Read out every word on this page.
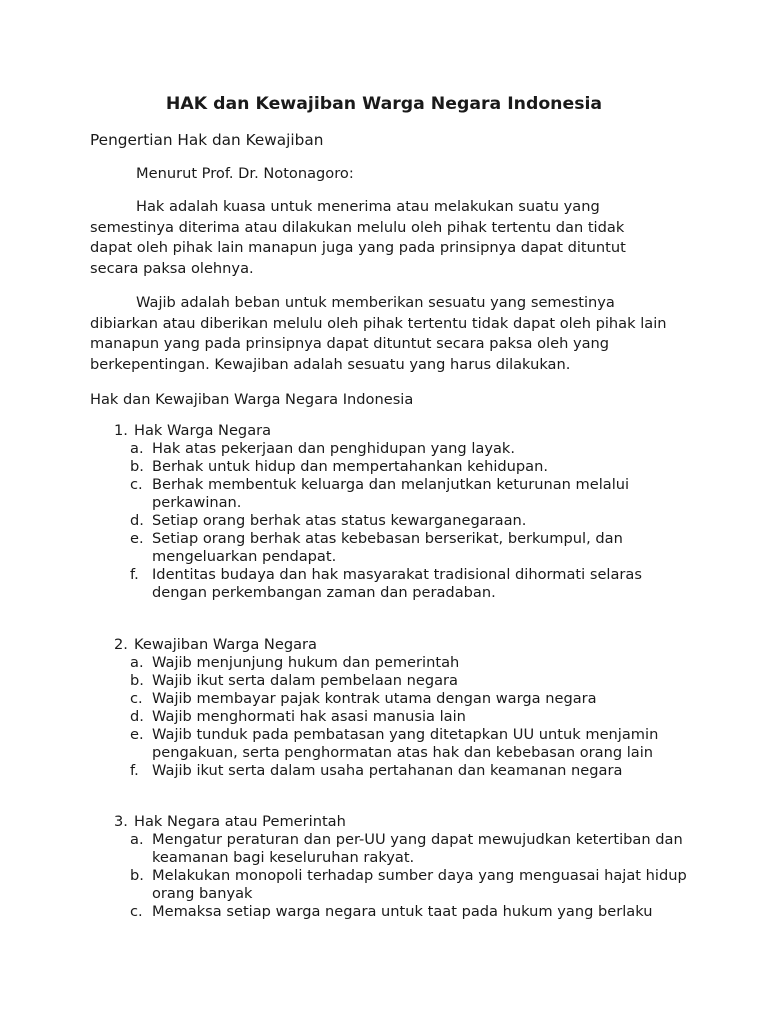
HAK dan Kewajiban Warga Negara Indonesia
Pengertian Hak dan Kewajiban

Menurut Prof. Dr. Notonagoro:

Hak adalah kuasa untuk menerima atau melakukan suatu yang semestinya diterima atau dilakukan melulu oleh pihak tertentu dan tidak dapat oleh pihak lain manapun juga yang pada prinsipnya dapat dituntut secara paksa olehnya.

Wajib adalah beban untuk memberikan sesuatu yang semestinya dibiarkan atau diberikan melulu oleh pihak tertentu tidak dapat oleh pihak lain manapun yang pada prinsipnya dapat dituntut secara paksa oleh yang berkepentingan. Kewajiban adalah sesuatu yang harus dilakukan.

Hak dan Kewajiban Warga Negara Indonesia
1. Hak Warga Negara
a. Hak atas pekerjaan dan penghidupan yang layak.
b. Berhak untuk hidup dan mempertahankan kehidupan.
c. Berhak membentuk keluarga dan melanjutkan keturunan melalui perkawinan.
d. Setiap orang berhak atas status kewarganegaraan.
e. Setiap orang berhak atas kebebasan berserikat, berkumpul, dan mengeluarkan pendapat.
f. Identitas budaya dan hak masyarakat tradisional dihormati selaras dengan perkembangan zaman dan peradaban.
2. Kewajiban Warga Negara
a. Wajib menjunjung hukum dan pemerintah
b. Wajib ikut serta dalam pembelaan negara
c. Wajib membayar pajak kontrak utama dengan warga negara
d. Wajib menghormati hak asasi manusia lain
e. Wajib tunduk pada pembatasan yang ditetapkan UU untuk menjamin pengakuan, serta penghormatan atas hak dan kebebasan orang lain
f. Wajib ikut serta dalam usaha pertahanan dan keamanan negara
3. Hak Negara atau Pemerintah
a. Mengatur peraturan dan per-UU yang dapat mewujudkan ketertiban dan keamanan bagi keseluruhan rakyat.
b. Melakukan monopoli terhadap sumber daya yang menguasai hajat hidup orang banyak
c. Memaksa setiap warga negara untuk taat pada hukum yang berlaku
